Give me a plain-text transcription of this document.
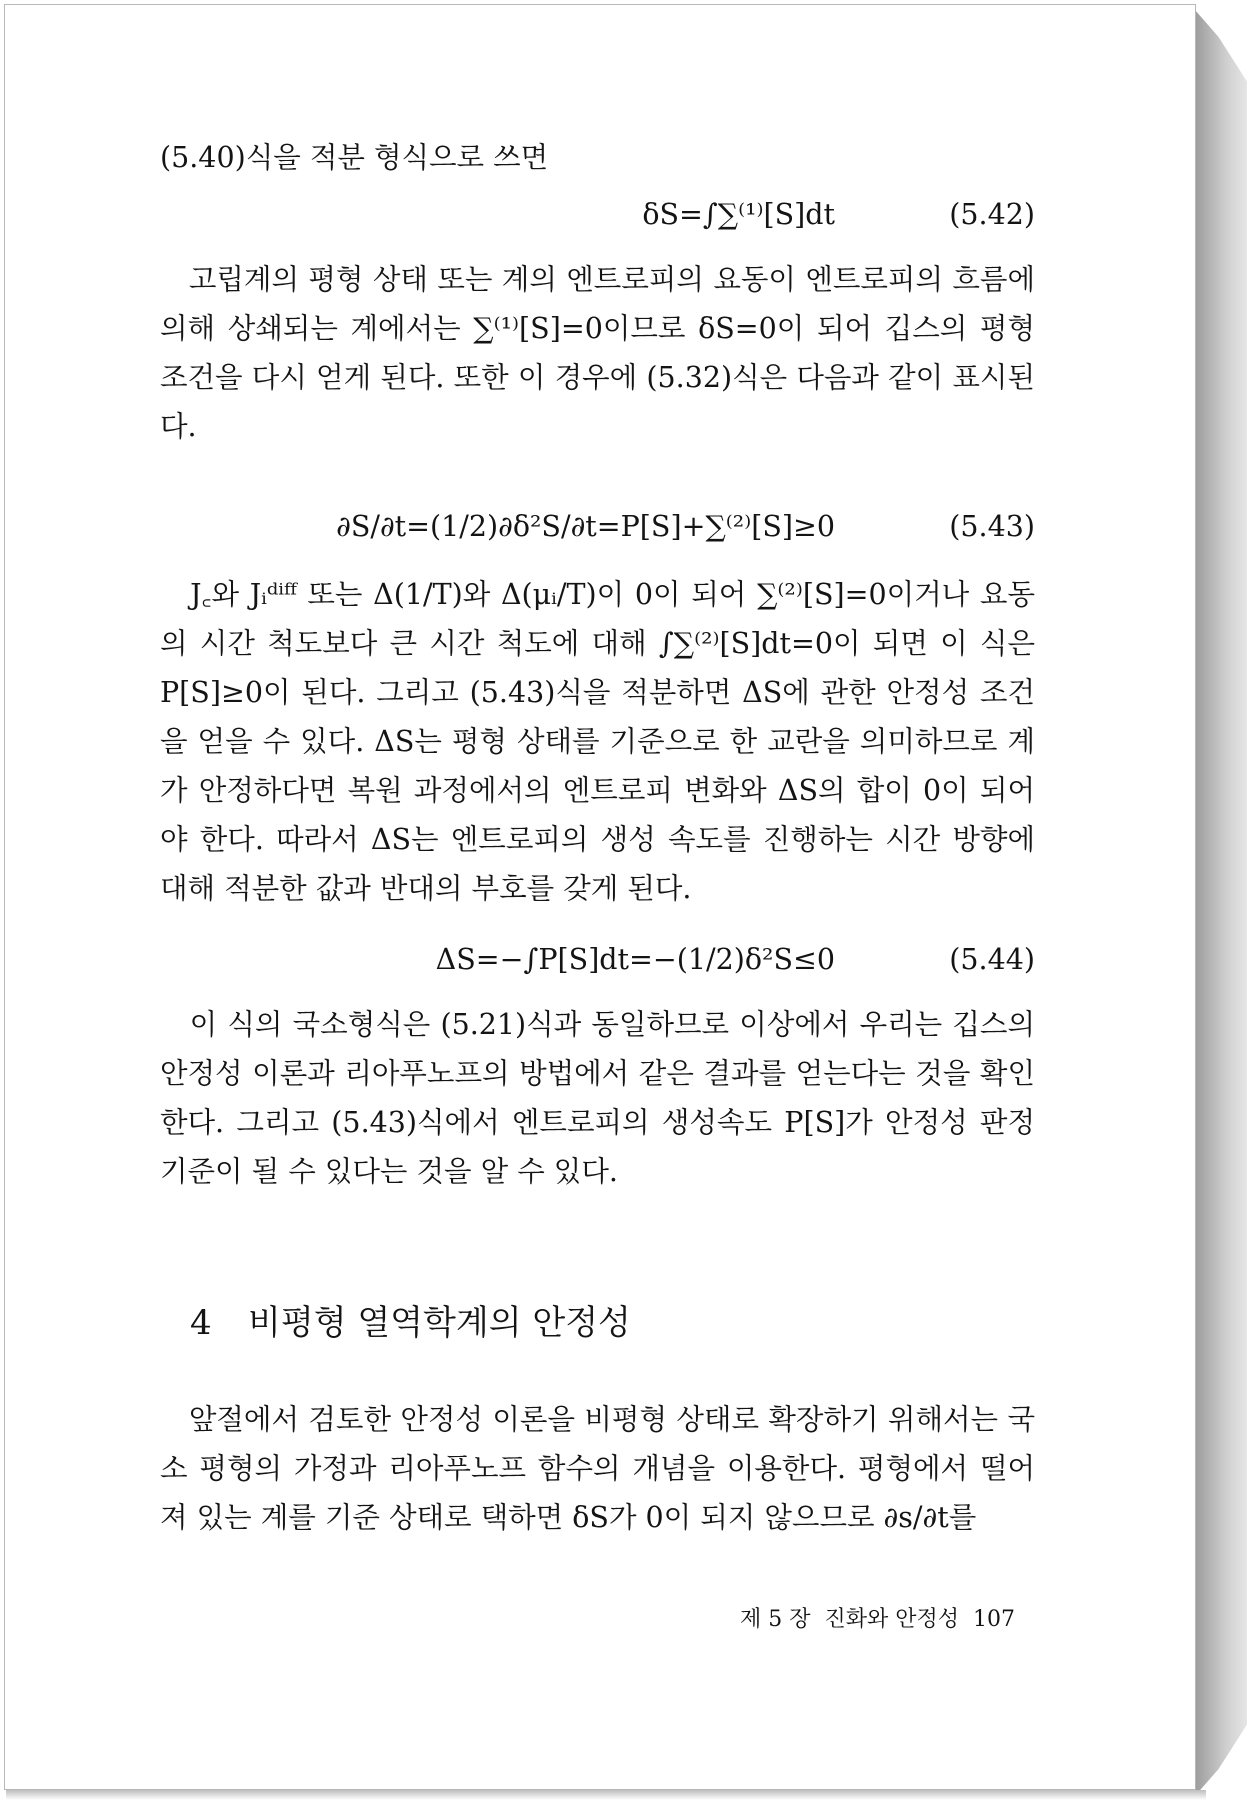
(5.40)식을 적분 형식으로 쓰면

δS=∫∑⁽¹⁾[S]dt	(5.42)

　고립계의 평형 상태 또는 계의 엔트로피의 요동이 엔트로피의 흐름에 의해 상쇄되는 계에서는 ∑⁽¹⁾[S]=0이므로 δS=0이 되어 깁스의 평형 조건을 다시 얻게 된다. 또한 이 경우에 (5.32)식은 다음과 같이 표시된다.

∂S/∂t=(1/2)∂δ²S/∂t=P[S]+∑⁽²⁾[S]≥0	(5.43)

　J꜀와 Jᵢᵈⁱᶠᶠ 또는 Δ(1/T)와 Δ(μᵢ/T)이 0이 되어 ∑⁽²⁾[S]=0이거나 요동의 시간 척도보다 큰 시간 척도에 대해 ∫∑⁽²⁾[S]dt=0이 되면 이 식은 P[S]≥0이 된다. 그리고 (5.43)식을 적분하면 ΔS에 관한 안정성 조건을 얻을 수 있다. ΔS는 평형 상태를 기준으로 한 교란을 의미하므로 계가 안정하다면 복원 과정에서의 엔트로피 변화와 ΔS의 합이 0이 되어야 한다. 따라서 ΔS는 엔트로피의 생성 속도를 진행하는 시간 방향에 대해 적분한 값과 반대의 부호를 갖게 된다.

ΔS=−∫P[S]dt=−(1/2)δ²S≤0	(5.44)

　이 식의 국소형식은 (5.21)식과 동일하므로 이상에서 우리는 깁스의 안정성 이론과 리아푸노프의 방법에서 같은 결과를 얻는다는 것을 확인한다. 그리고 (5.43)식에서 엔트로피의 생성속도 P[S]가 안정성 판정기준이 될 수 있다는 것을 알 수 있다.

4 비평형 열역학계의 안정성

　앞절에서 검토한 안정성 이론을 비평형 상태로 확장하기 위해서는 국소 평형의 가정과 리아푸노프 함수의 개념을 이용한다. 평형에서 떨어져 있는 계를 기준 상태로 택하면 δS가 0이 되지 않으므로 ∂s/∂t를

제 5 장 진화와 안정성 107
